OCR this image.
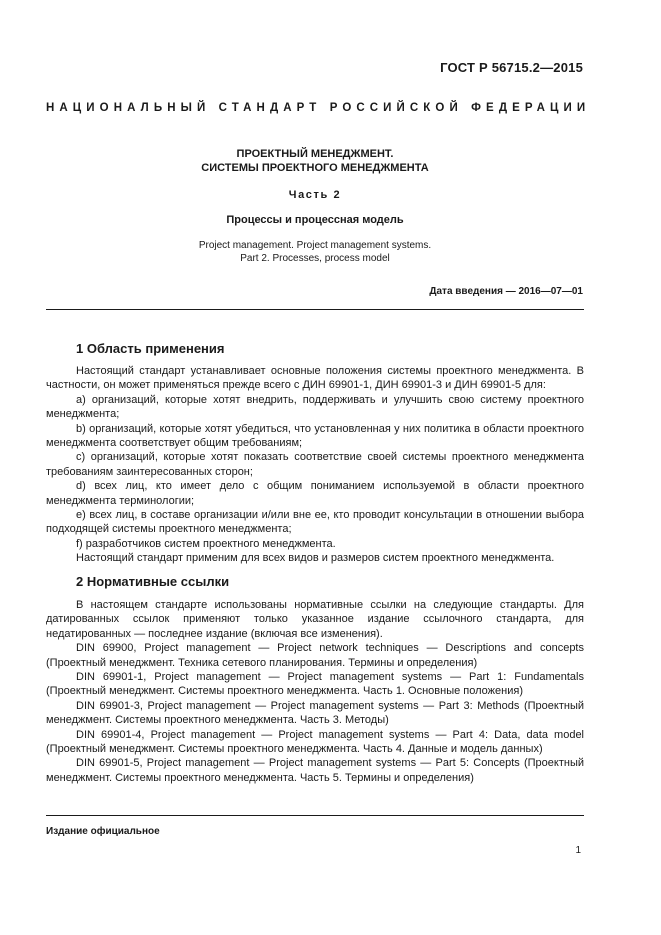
ГОСТ Р 56715.2—2015
НАЦИОНАЛЬНЫЙ СТАНДАРТ РОССИЙСКОЙ ФЕДЕРАЦИИ
ПРОЕКТНЫЙ МЕНЕДЖМЕНТ.
СИСТЕМЫ ПРОЕКТНОГО МЕНЕДЖМЕНТА
Часть 2
Процессы и процессная модель
Project management. Project management systems.
Part 2. Processes, process model
Дата введения — 2016—07—01
1 Область применения

Настоящий стандарт устанавливает основные положения системы проектного менеджмента. В частности, он может применяться прежде всего с ДИН 69901-1, ДИН 69901-3 и ДИН 69901-5 для:

a) организаций, которые хотят внедрить, поддерживать и улучшить свою систему проектного менеджмента;

b) организаций, которые хотят убедиться, что установленная у них политика в области проектного менеджмента соответствует общим требованиям;

c) организаций, которые хотят показать соответствие своей системы проектного менеджмента требованиям заинтересованных сторон;

d) всех лиц, кто имеет дело с общим пониманием используемой в области проектного менеджмента терминологии;

e) всех лиц, в составе организации и/или вне ее, кто проводит консультации в отношении выбора подходящей системы проектного менеджмента;

f) разработчиков систем проектного менеджмента.

Настоящий стандарт применим для всех видов и размеров систем проектного менеджмента.

2 Нормативные ссылки

В настоящем стандарте использованы нормативные ссылки на следующие стандарты. Для датированных ссылок применяют только указанное издание ссылочного стандарта, для недатированных — последнее издание (включая все изменения).

DIN 69900, Project management — Project network techniques — Descriptions and concepts (Проектный менеджмент. Техника сетевого планирования. Термины и определения)

DIN 69901-1, Project management — Project management systems — Part 1: Fundamentals (Проектный менеджмент. Системы проектного менеджмента. Часть 1. Основные положения)

DIN 69901-3, Project management — Project management systems — Part 3: Methods (Проектный менеджмент. Системы проектного менеджмента. Часть 3. Методы)

DIN 69901-4, Project management — Project management systems — Part 4: Data, data model (Проектный менеджмент. Системы проектного менеджмента. Часть 4. Данные и модель данных)

DIN 69901-5, Project management — Project management systems — Part 5: Concepts (Проектный менеджмент. Системы проектного менеджмента. Часть 5. Термины и определения)

Издание официальное
1
